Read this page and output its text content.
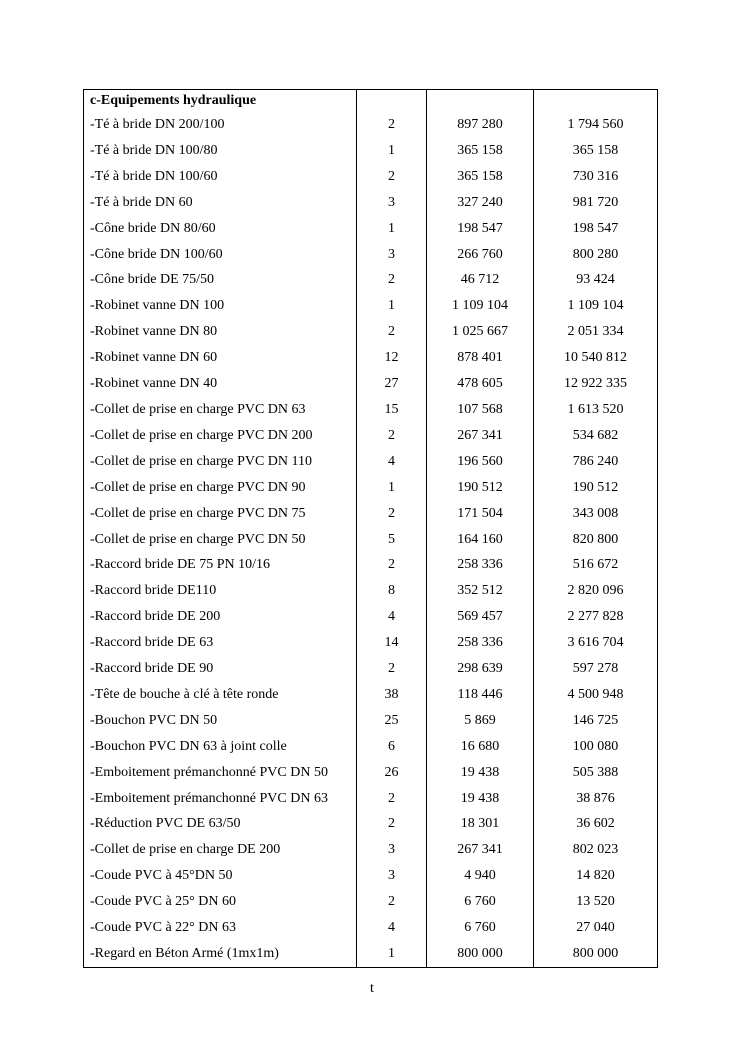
c-Equipements hydraulique			
-Té à bride DN 200/100	2	897 280	1 794 560
-Té à bride DN 100/80	1	365 158	365 158
-Té à bride DN 100/60	2	365 158	730 316
-Té à bride DN 60	3	327 240	981 720
-Cône bride DN 80/60	1	198 547	198 547
-Cône bride DN 100/60	3	266 760	800 280
-Cône bride DE 75/50	2	46 712	93 424
-Robinet vanne DN 100	1	1 109 104	1 109 104
-Robinet vanne DN 80	2	1 025 667	2 051 334
-Robinet vanne DN 60	12	878 401	10 540 812
-Robinet vanne DN 40	27	478 605	12 922 335
-Collet de prise en charge PVC DN 63	15	107 568	1 613 520
-Collet de prise en charge PVC DN 200	2	267 341	534 682
-Collet de prise en charge PVC DN 110	4	196 560	786 240
-Collet de prise en charge PVC DN 90	1	190 512	190 512
-Collet de prise en charge PVC DN 75	2	171 504	343 008
-Collet de prise en charge PVC DN 50	5	164 160	820 800
-Raccord bride DE 75 PN 10/16	2	258 336	516 672
-Raccord bride DE110	8	352 512	2 820 096
-Raccord bride DE 200	4	569 457	2 277 828
-Raccord bride DE 63	14	258 336	3 616 704
-Raccord bride DE 90	2	298 639	597 278
-Tête de bouche à clé à tête ronde	38	118 446	4 500 948
-Bouchon PVC DN 50	25	5 869	146 725
-Bouchon PVC DN 63 à joint colle	6	16 680	100 080
-Emboitement prémanchonné PVC DN 50	26	19 438	505 388
-Emboitement prémanchonné PVC DN 63	2	19 438	38 876
-Réduction PVC DE 63/50	2	18 301	36 602
-Collet de prise en charge DE 200	3	267 341	802 023
-Coude PVC à 45°DN 50	3	4 940	14 820
-Coude PVC à 25° DN 60	2	6 760	13 520
-Coude PVC à 22° DN 63	4	6 760	27 040
-Regard en Béton Armé (1mx1m)	1	800 000	800 000
t
